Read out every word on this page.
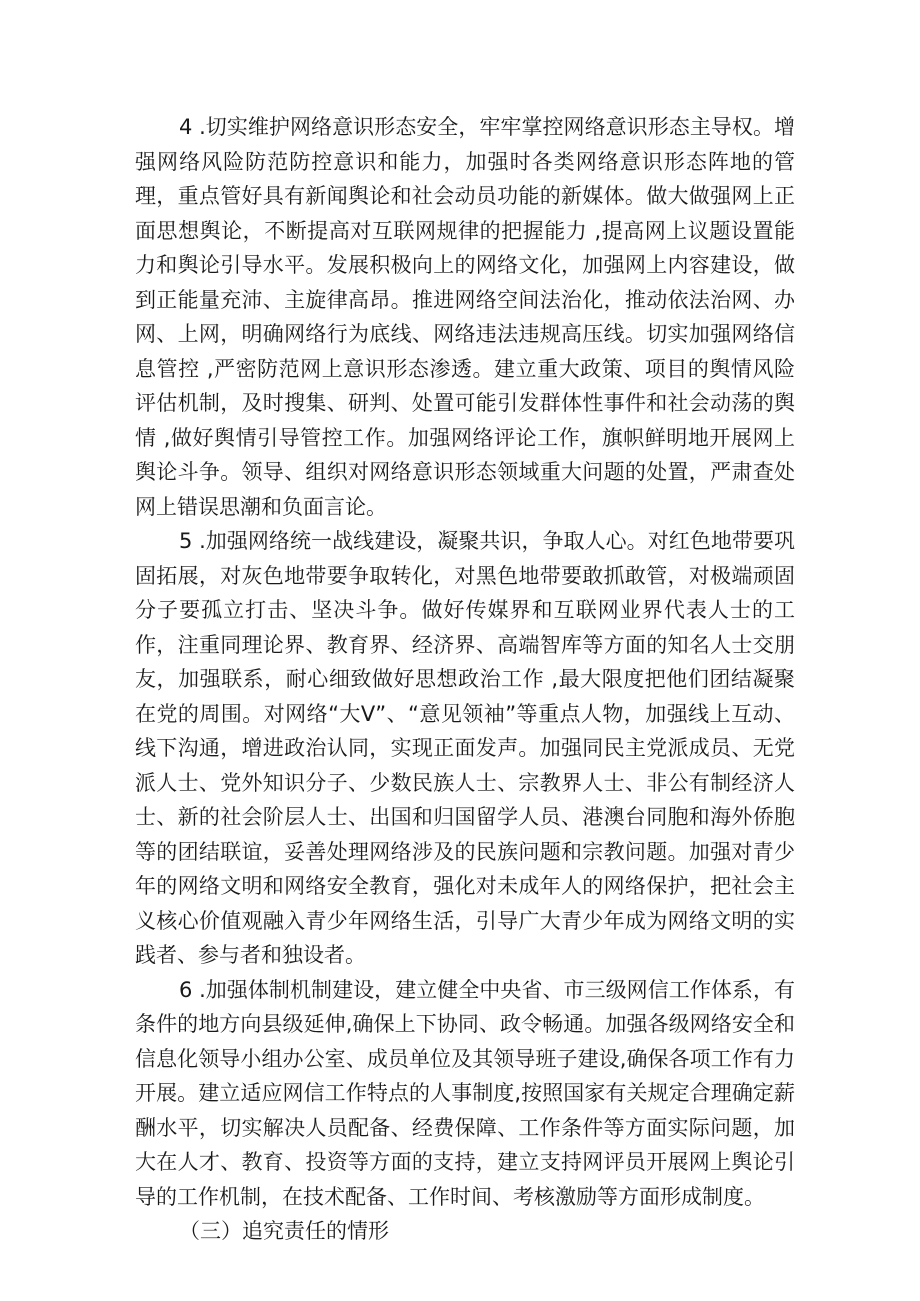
4 .切实维护网络意识形态安全，牢牢掌控网络意识形态主导权。增强网络风险防范防控意识和能力，加强时各类网络意识形态阵地的管理，重点管好具有新闻舆论和社会动员功能的新媒体。做大做强网上正面思想舆论，不断提高对互联网规律的把握能力 ,提高网上议题设置能力和舆论引导水平。发展积极向上的网络文化，加强网上内容建设，做到正能量充沛、主旋律高昂。推进网络空间法治化，推动依法治网、办网、上网，明确网络行为底线、网络违法违规高压线。切实加强网络信息管控 ,严密防范网上意识形态渗透。建立重大政策、项目的舆情风险评估机制，及时搜集、研判、处置可能引发群体性事件和社会动荡的舆情 ,做好舆情引导管控工作。加强网络评论工作，旗帜鲜明地开展网上舆论斗争。领导、组织对网络意识形态领域重大问题的处置，严肃查处网上错误思潮和负面言论。

5 .加强网络统一战线建设，凝聚共识，争取人心。对红色地带要巩固拓展，对灰色地带要争取转化，对黑色地带要敢抓敢管，对极端顽固分子要孤立打击、坚决斗争。做好传媒界和互联网业界代表人士的工作，注重同理论界、教育界、经济界、高端智库等方面的知名人士交朋友，加强联系，耐心细致做好思想政治工作 ,最大限度把他们团结凝聚在党的周围。对网络“大V”、“意见领袖”等重点人物，加强线上互动、线下沟通，增进政治认同，实现正面发声。加强同民主党派成员、无党派人士、党外知识分子、少数民族人士、宗教界人士、非公有制经济人士、新的社会阶层人士、出国和归国留学人员、港澳台同胞和海外侨胞等的团结联谊，妥善处理网络涉及的民族问题和宗教问题。加强对青少年的网络文明和网络安全教育，强化对未成年人的网络保护，把社会主义核心价值观融入青少年网络生活，引导广大青少年成为网络文明的实践者、参与者和独设者。

6 .加强体制机制建设，建立健全中央省、市三级网信工作体系，有条件的地方向县级延伸,确保上下协同、政令畅通。加强各级网络安全和信息化领导小组办公室、成员单位及其领导班子建设,确保各项工作有力开展。建立适应网信工作特点的人事制度,按照国家有关规定合理确定薪酬水平，切实解决人员配备、经费保障、工作条件等方面实际问题，加大在人才、教育、投资等方面的支持，建立支持网评员开展网上舆论引导的工作机制，在技术配备、工作时间、考核激励等方面形成制度。

（三）追究责任的情形
